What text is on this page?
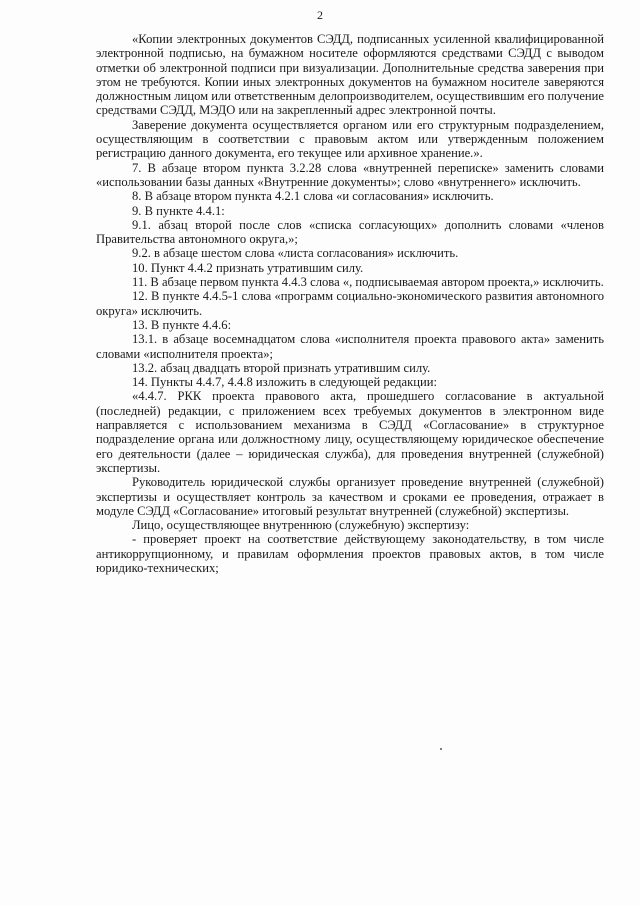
2

«Копии электронных документов СЭДД, подписанных усиленной квалифицированной электронной подписью, на бумажном носителе оформляются средствами СЭДД с выводом отметки об электронной подписи при визуализации. Дополнительные средства заверения при этом не требуются. Копии иных электронных документов на бумажном носителе заверяются должностным лицом или ответственным делопроизводителем, осуществившим его получение средствами СЭДД, МЭДО или на закрепленный адрес электронной почты.

Заверение документа осуществляется органом или его структурным подразделением, осуществляющим в соответствии с правовым актом или утвержденным положением регистрацию данного документа, его текущее или архивное хранение.».

7. В абзаце втором пункта 3.2.28 слова «внутренней переписке» заменить словами «использовании базы данных «Внутренние документы»; слово «внутреннего» исключить.

8. В абзаце втором пункта 4.2.1 слова «и согласования» исключить.

9. В пункте 4.4.1:

9.1. абзац второй после слов «списка согласующих» дополнить словами «членов Правительства автономного округа,»;

9.2. в абзаце шестом слова «листа согласования» исключить.

10. Пункт 4.4.2 признать утратившим силу.

11. В абзаце первом пункта 4.4.3 слова «, подписываемая автором проекта,» исключить.

12. В пункте 4.4.5-1 слова «программ социально-экономического развития автономного округа» исключить.

13. В пункте 4.4.6:

13.1. в абзаце восемнадцатом слова «исполнителя проекта правового акта» заменить словами «исполнителя проекта»;

13.2. абзац двадцать второй признать утратившим силу.

14. Пункты 4.4.7, 4.4.8 изложить в следующей редакции:

«4.4.7. РКК проекта правового акта, прошедшего согласование в актуальной (последней) редакции, с приложением всех требуемых документов в электронном виде направляется с использованием механизма в СЭДД «Согласование» в структурное подразделение органа или должностному лицу, осуществляющему юридическое обеспечение его деятельности (далее – юридическая служба), для проведения внутренней (служебной) экспертизы.

Руководитель юридической службы организует проведение внутренней (служебной) экспертизы и осуществляет контроль за качеством и сроками ее проведения, отражает в модуле СЭДД «Согласование» итоговый результат внутренней (служебной) экспертизы.

Лицо, осуществляющее внутреннюю (служебную) экспертизу:

- проверяет проект на соответствие действующему законодательству, в том числе антикоррупционному, и правилам оформления проектов правовых актов, в том числе юридико-технических;
